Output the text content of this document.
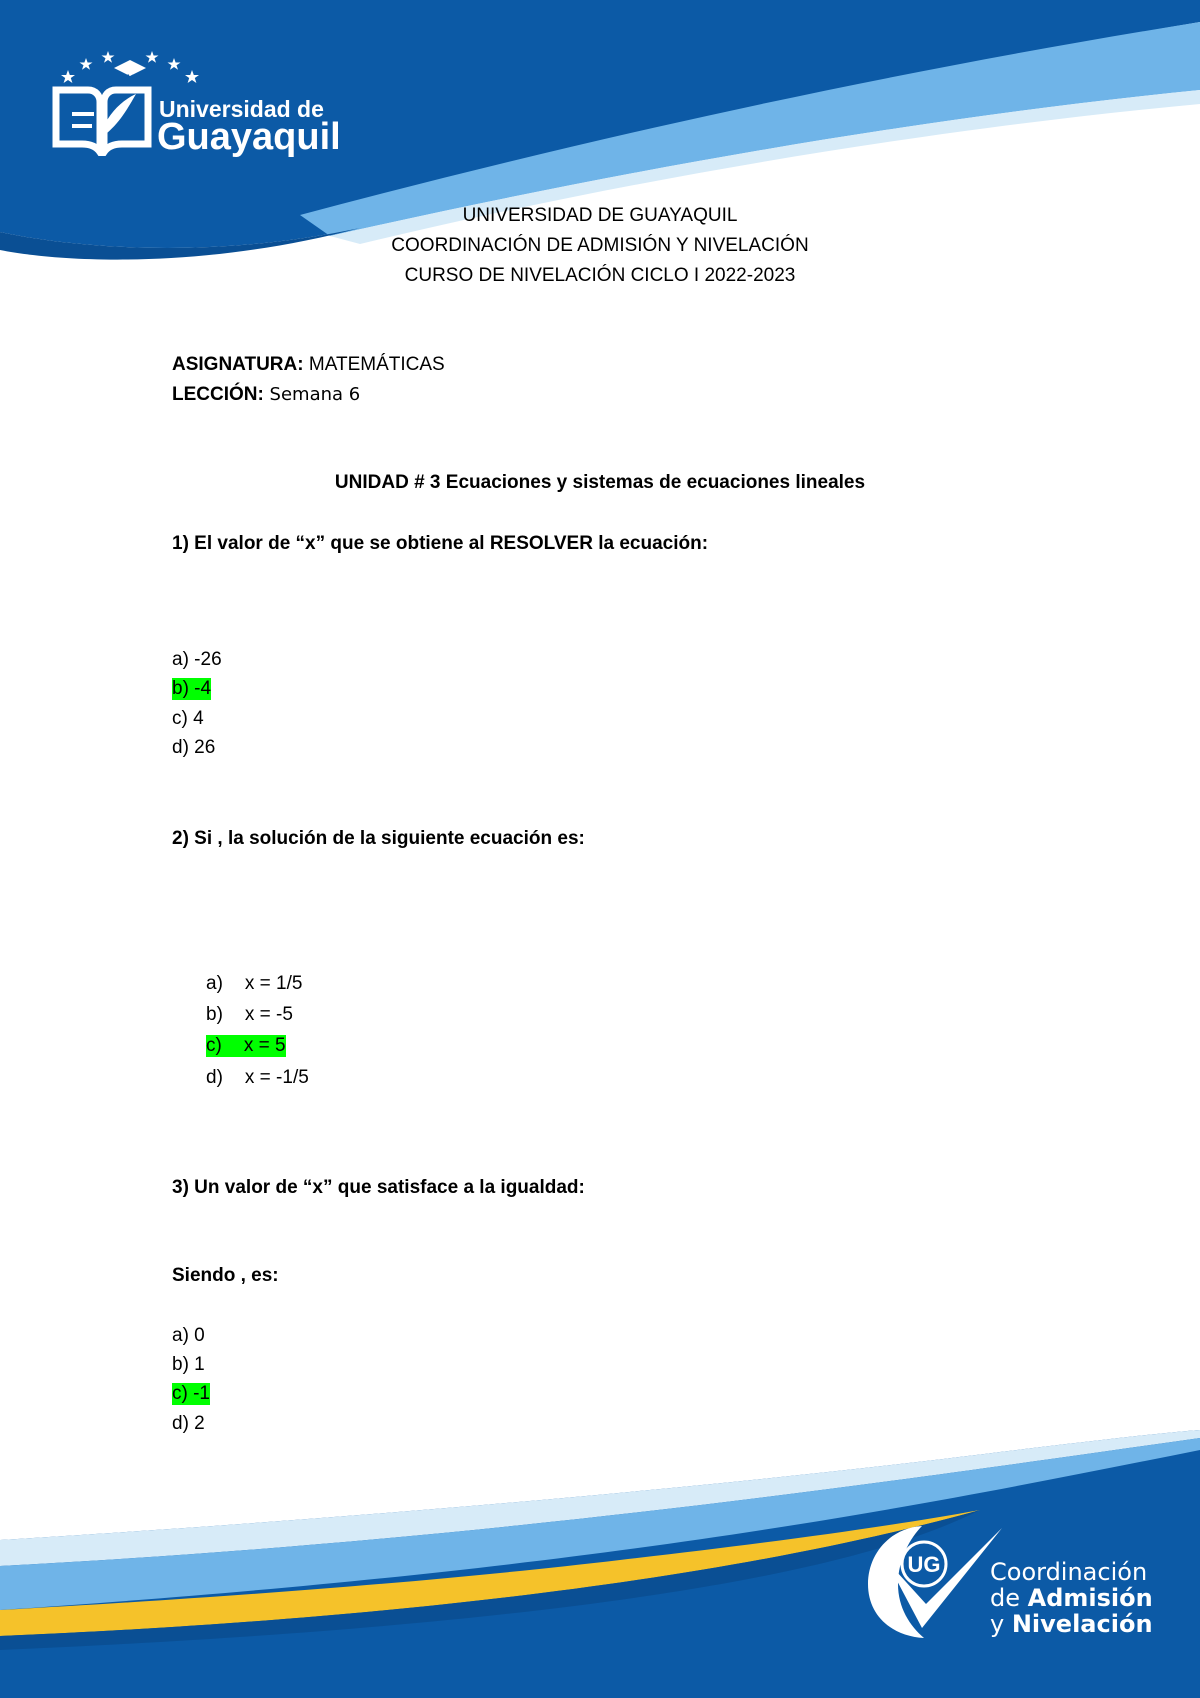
UG
Universidad de
Guayaquil
UNIVERSIDAD DE GUAYAQUIL
COORDINACIÓN DE ADMISIÓN Y NIVELACIÓN
CURSO DE NIVELACIÓN CICLO I 2022-2023
ASIGNATURA: MATEMÁTICAS
LECCIÓN: Semana 6
UNIDAD # 3 Ecuaciones y sistemas de ecuaciones lineales
1) El valor de “x” que se obtiene al RESOLVER la ecuación:
a) -26
b) -4
c) 4
d) 26
2) Si , la solución de la siguiente ecuación es:
a) x = 1/5
b) x = -5
c) x = 5
d) x = -1/5
3) Un valor de “x” que satisface a la igualdad:
Siendo , es:
a) 0
b) 1
c) -1
d) 2
UG Coordinación
de Admisión
y Nivelación
